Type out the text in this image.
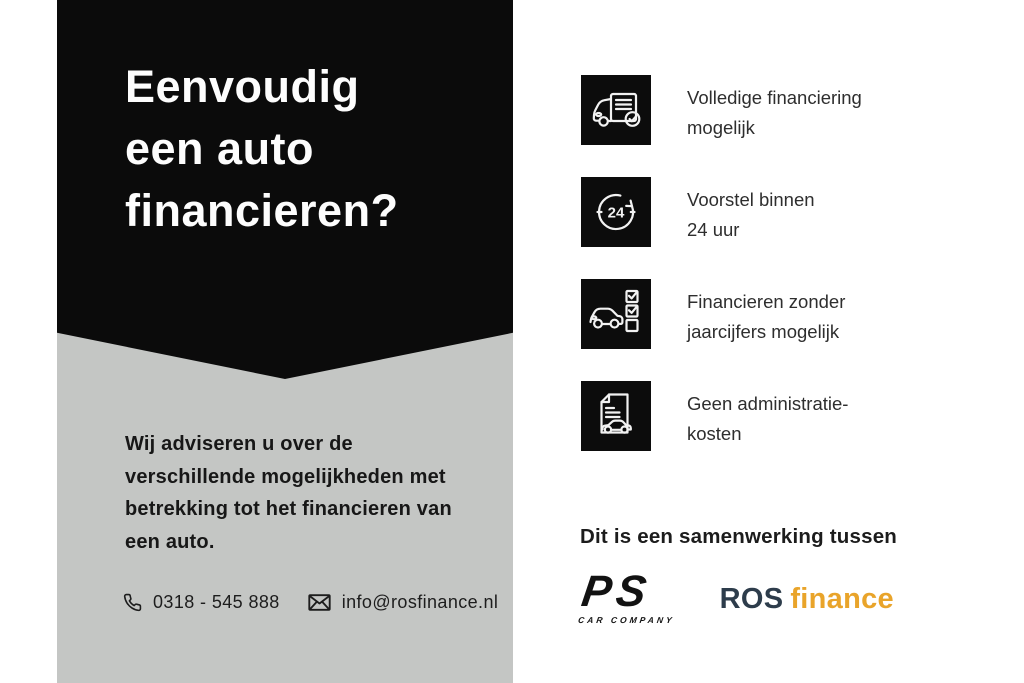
Eenvoudig
een auto
financieren?
Wij adviseren u over de verschillende mogelijkheden met betrekking tot het financieren van een auto.
0318 - 545 888	info@rosfinance.nl
Volledige financiering
mogelijk
24
Voorstel binnen
24 uur
Financieren zonder
jaarcijfers mogelijk
Geen administratie-
kosten
Dit is een samenwerking tussen
PS
CAR COMPANY
ROS finance
